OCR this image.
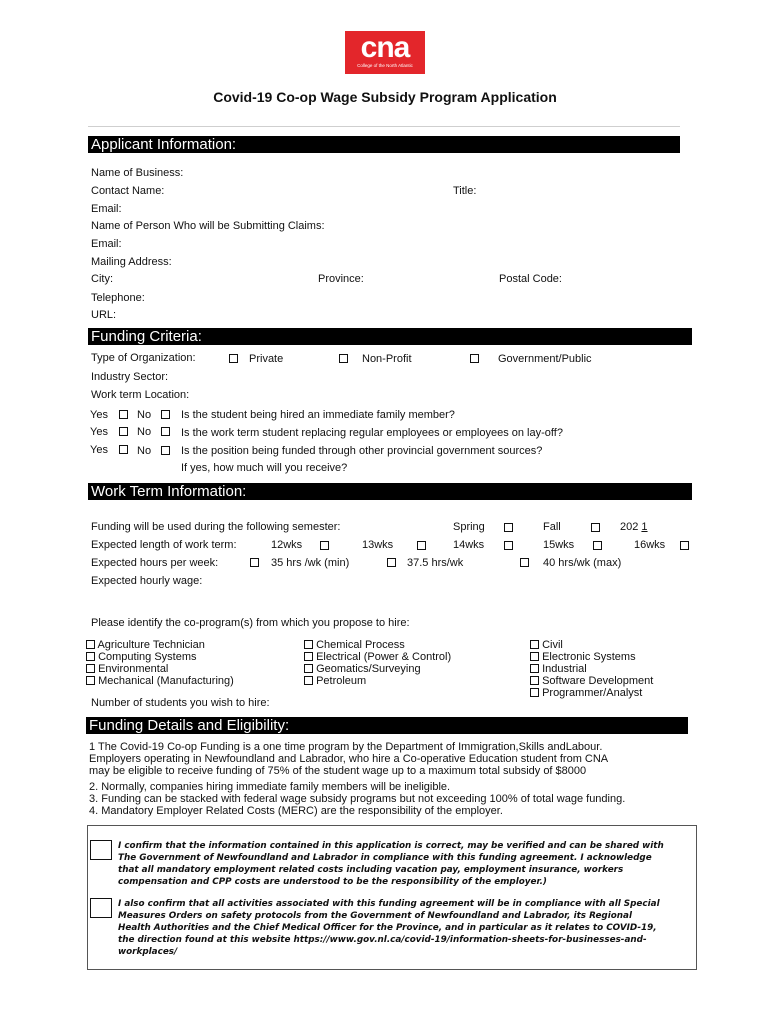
cna
College of the North Atlantic
Covid-19 Co-op Wage Subsidy Program Application
Applicant Information:
Name of Business:
Contact Name:	Title:
Email:
Name of Person Who will be Submitting Claims:
Email:
Mailing Address:
City:	Province:	Postal Code:
Telephone:
URL:
Funding Criteria:
Type of Organization:	Private	Non-Profit	Government/Public
Industry Sector:
Work term Location:
Yes	No	Is the student being hired an immediate family member?
Yes	No	Is the work term student replacing regular employees or employees on lay-off?
Yes	No	Is the position being funded through other provincial government sources?
If yes, how much will you receive?
Work Term Information:
Funding will be used during the following semester:	Spring	Fall	202 1
Expected length of work term:	12wks	13wks	14wks	15wks	16wks
Expected hours per week:	35 hrs /wk (min)	37.5 hrs/wk	40 hrs/wk (max)
Expected hourly wage:
Please identify the co-program(s) from which you propose to hire:
Agriculture Technician
Computing Systems
Environmental
Mechanical (Manufacturing)
Chemical Process
Electrical (Power & Control)
Geomatics/Surveying
Petroleum
Civil
Electronic Systems
Industrial
Software Development
Programmer/Analyst
Number of students you wish to hire:
Funding Details and Eligibility:
1 The Covid-19 Co-op Funding is a one time program by the Department of Immigration,Skills andLabour.
Employers operating in Newfoundland and Labrador, who hire a Co-operative Education student from CNA
may be eligible to receive funding of 75% of the student wage up to a maximum total subsidy of $8000
2. Normally, companies hiring immediate family members will be ineligible.
3. Funding can be stacked with federal wage subsidy programs but not exceeding 100% of total wage funding.
4. Mandatory Employer Related Costs (MERC) are the responsibility of the employer.
I confirm that the information contained in this application is correct, may be verified and can be shared with
The Government of Newfoundland and Labrador in compliance with this funding agreement. I acknowledge
that all mandatory employment related costs including vacation pay, employment insurance, workers
compensation and CPP costs are understood to be the responsibility of the employer.)
I also confirm that all activities associated with this funding agreement will be in compliance with all Special
Measures Orders on safety protocols from the Government of Newfoundland and Labrador, its Regional
Health Authorities and the Chief Medical Officer for the Province, and in particular as it relates to COVID-19,
the direction found at this website https://www.gov.nl.ca/covid-19/information-sheets-for-businesses-and-
workplaces/
